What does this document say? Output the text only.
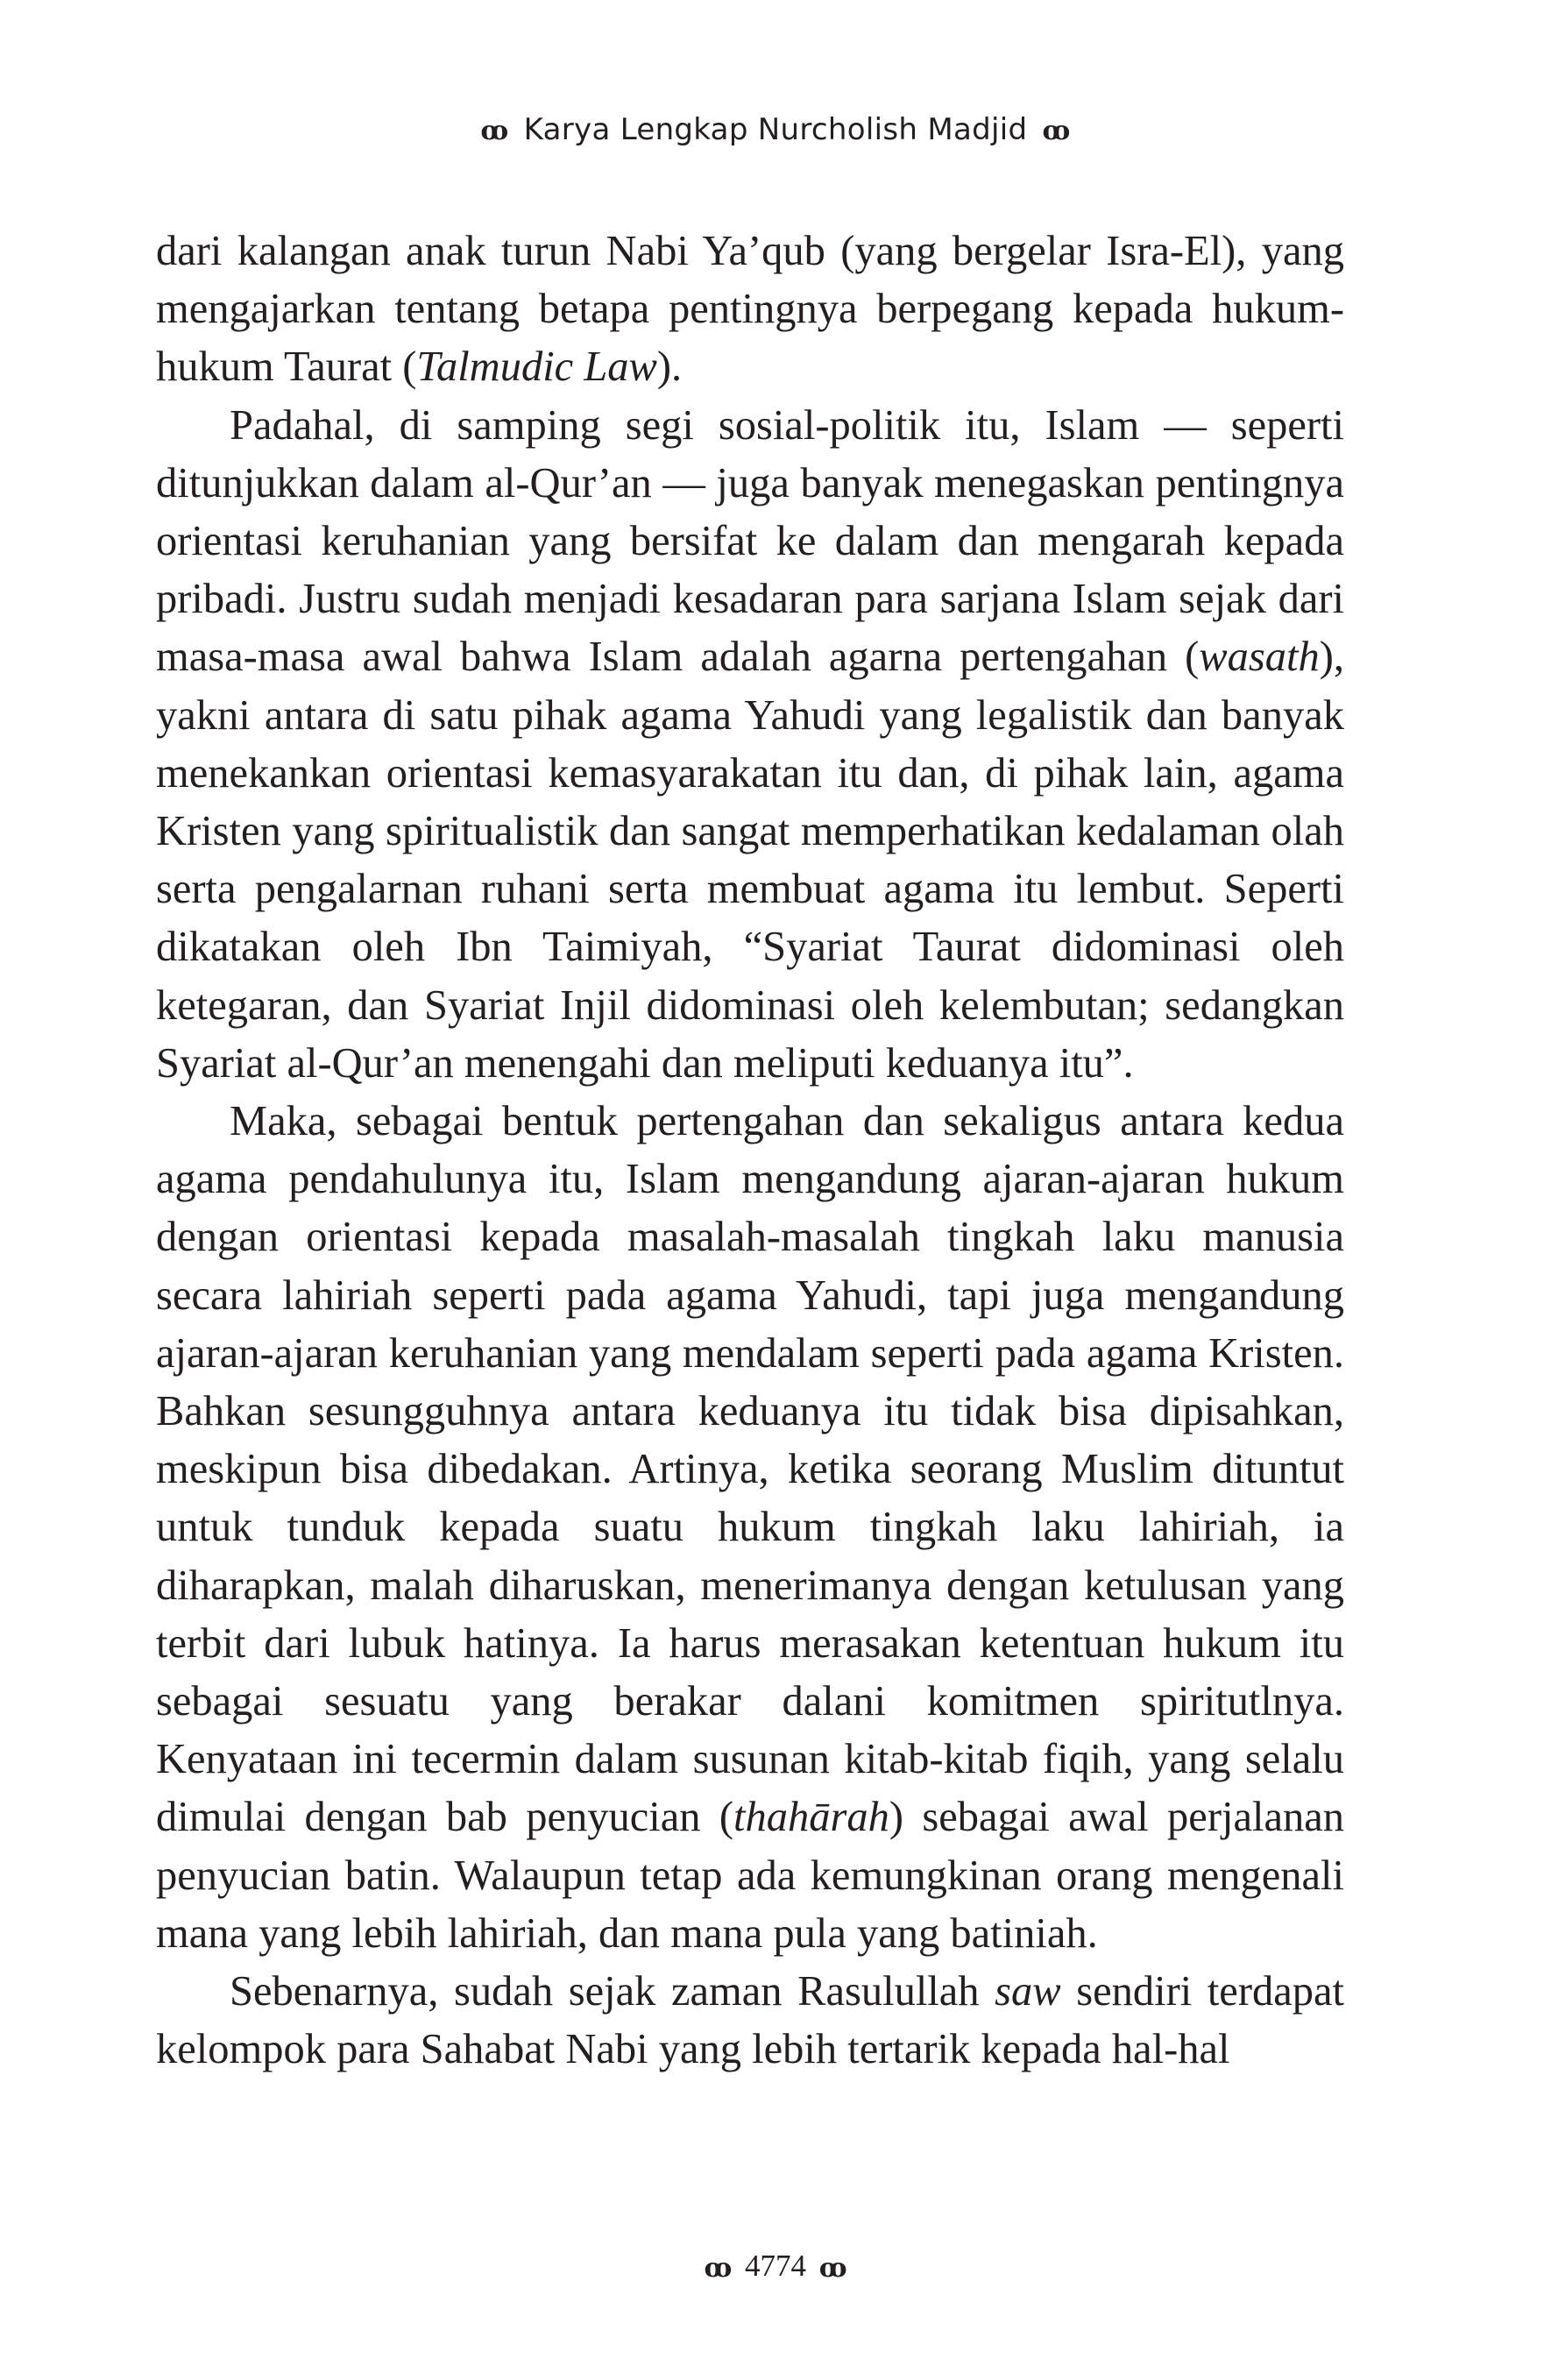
ꝏ Karya Lengkap Nurcholish Madjid ꝏ

dari kalangan anak turun Nabi Ya’qub (yang bergelar Isra-El), yang mengajarkan tentang betapa pentingnya berpegang kepada hukum-hukum Taurat (Talmudic Law).

Padahal, di samping segi sosial-politik itu, Islam — seperti ditunjukkan dalam al-Qur’an — juga banyak menegaskan pentingnya orientasi keruhanian yang bersifat ke dalam dan mengarah kepada pribadi. Justru sudah menjadi kesadaran para sarjana Islam sejak dari masa-masa awal bahwa Islam adalah agarna pertengahan (wasath), yakni antara di satu pihak agama Yahudi yang legalistik dan banyak menekankan orientasi kemasyarakatan itu dan, di pihak lain, agama Kristen yang spiritualistik dan sangat memperhatikan kedalaman olah serta pengalarnan ruhani serta membuat agama itu lembut. Seperti dikatakan oleh Ibn Taimiyah, “Syariat Taurat didominasi oleh ketegaran, dan Syariat Injil didominasi oleh kelembutan; sedangkan Syariat al-Qur’an menengahi dan meliputi keduanya itu”.

Maka, sebagai bentuk pertengahan dan sekaligus antara kedua agama pendahulunya itu, Islam mengandung ajaran-ajaran hukum dengan orientasi kepada masalah-masalah tingkah laku manusia secara lahiriah seperti pada agama Yahudi, tapi juga mengandung ajaran-ajaran keruhanian yang mendalam seperti pada agama Kristen. Bahkan sesungguhnya antara keduanya itu tidak bisa dipisahkan, meskipun bisa dibedakan. Artinya, ketika seorang Muslim dituntut untuk tunduk kepada suatu hukum tingkah laku lahiriah, ia diharapkan, malah diharuskan, menerimanya dengan ketulusan yang terbit dari lubuk hatinya. Ia harus merasakan ketentuan hukum itu sebagai sesuatu yang berakar dalani komitmen spiritutlnya. Kenyataan ini tecermin dalam susunan kitab-kitab fiqih, yang selalu dimulai dengan bab penyucian (thahārah) sebagai awal perjalanan penyucian batin. Walaupun tetap ada kemungkinan orang mengenali mana yang lebih lahiriah, dan mana pula yang batiniah.

Sebenarnya, sudah sejak zaman Rasulullah saw sendiri terdapat kelompok para Sahabat Nabi yang lebih tertarik kepada hal-hal

ꝏ 4774 ꝏ
